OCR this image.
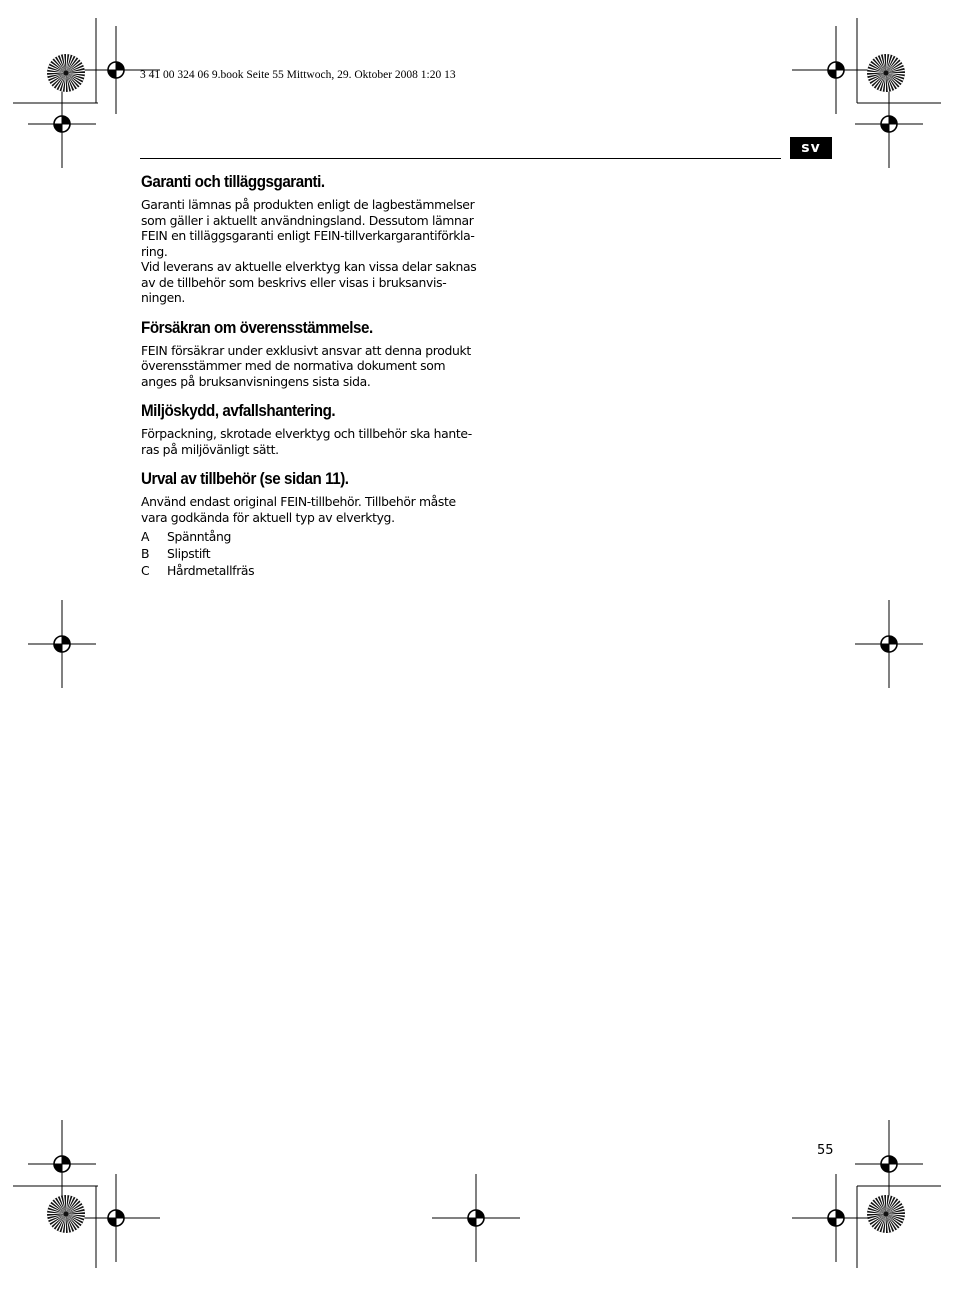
3 41 00 324 06 9.book Seite 55 Mittwoch, 29. Oktober 2008 1:20 13
sv
Garanti och tilläggsgaranti.

Garanti lämnas på produkten enligt de lagbestämmelser

som gäller i aktuellt användningsland. Dessutom lämnar

FEIN en tilläggsgaranti enligt FEIN-tillverkargarantiförkla-

ring.

Vid leverans av aktuelle elverktyg kan vissa delar saknas

av de tillbehör som beskrivs eller visas i bruksanvis-

ningen.

Försäkran om överensstämmelse.

FEIN försäkrar under exklusivt ansvar att denna produkt

överensstämmer med de normativa dokument som

anges på bruksanvisningens sista sida.

Miljöskydd, avfallshantering.

Förpackning, skrotade elverktyg och tillbehör ska hante-

ras på miljövänligt sätt.

Urval av tillbehör (se sidan 11).

Använd endast original FEIN-tillbehör. Tillbehör måste

vara godkända för aktuell typ av elverktyg.

A	Spänntång
B	Slipstift
C	Hårdmetallfräs
55
